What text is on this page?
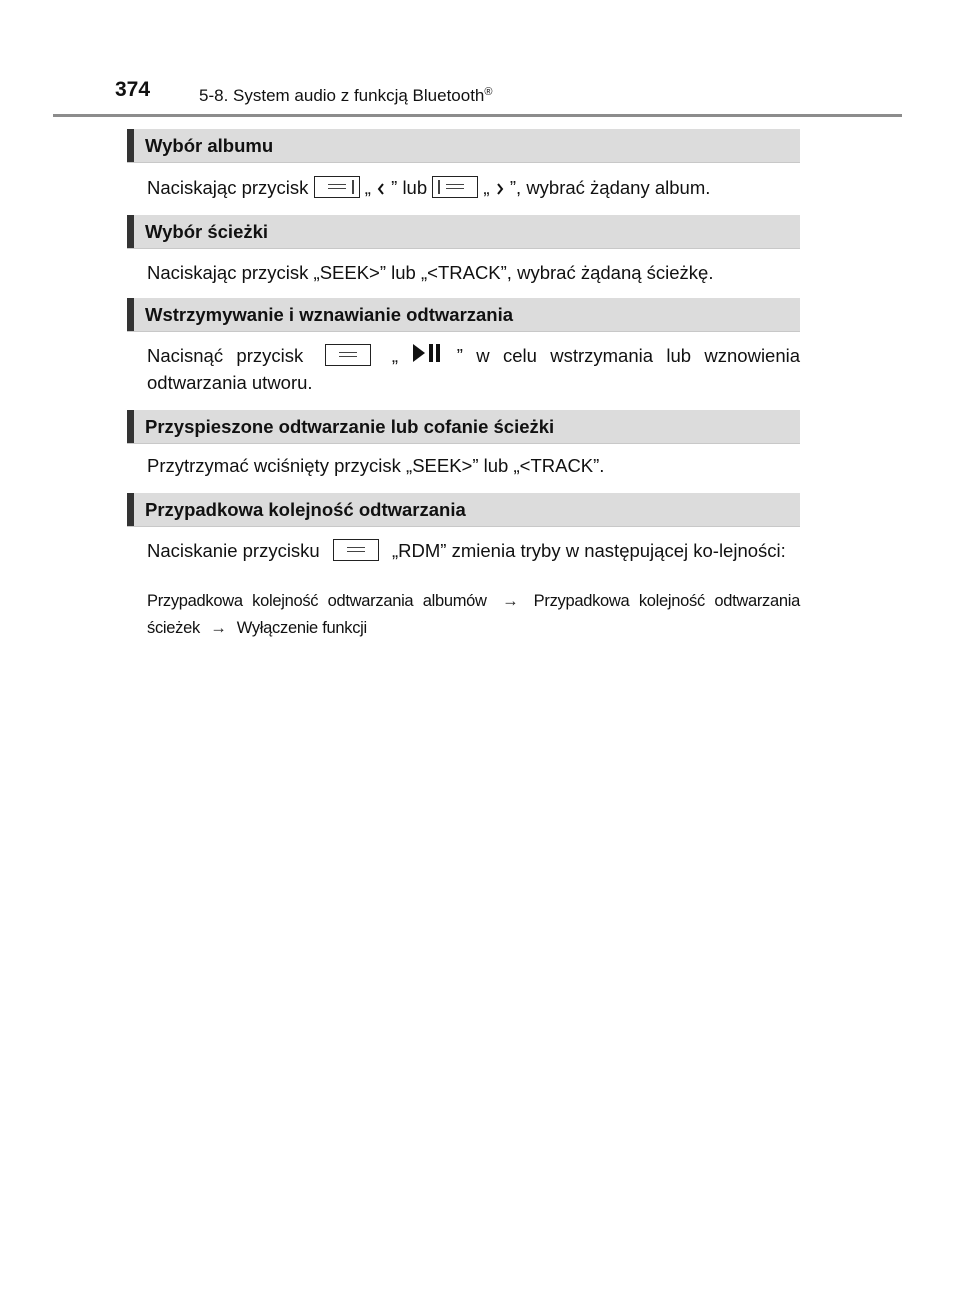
374	5-8. System audio z funkcją Bluetooth®
Wybór albumu

Naciskając przycisk	„ ” lub	„ ”, wybrać żądany album.

Wybór ścieżki

Naciskając przycisk „SEEK>” lub „<TRACK”, wybrać żądaną ścieżkę.

Wstrzymywanie i wznawianie odtwarzania

Nacisnąć przycisk	„	” w celu wstrzymania lub wznowienia odtwarzania utworu.

Przyspieszone odtwarzanie lub cofanie ścieżki

Przytrzymać wciśnięty przycisk „SEEK>” lub „<TRACK”.

Przypadkowa kolejność odtwarzania

Naciskanie przycisku	„RDM” zmienia tryby w następującej ko-lejności:

Przypadkowa kolejność odtwarzania albumów → Przypadkowa kolejność odtwarzania ścieżek → Wyłączenie funkcji
